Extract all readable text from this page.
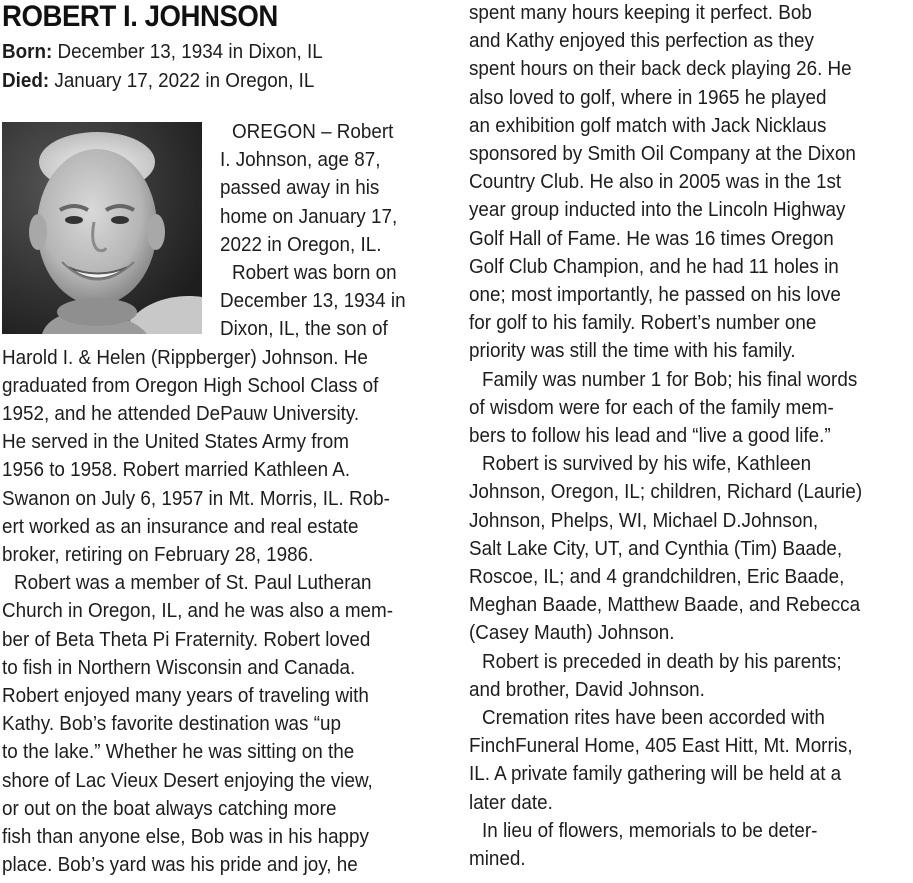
ROBERT I. JOHNSON
Born: December 13, 1934 in Dixon, IL
Died: January 17, 2022 in Oregon, IL
OREGON – Robert
I. Johnson, age 87,
passed away in his
home on January 17,
2022 in Oregon, IL.
Robert was born on
December 13, 1934 in
Dixon, IL, the son of
Harold I. & Helen (Rippberger) Johnson. He
graduated from Oregon High School Class of
1952, and he attended DePauw University.
He served in the United States Army from
1956 to 1958. Robert married Kathleen A.
Swanon on July 6, 1957 in Mt. Morris, IL. Rob-
ert worked as an insurance and real estate
broker, retiring on February 28, 1986.
Robert was a member of St. Paul Lutheran
Church in Oregon, IL, and he was also a mem-
ber of Beta Theta Pi Fraternity. Robert loved
to fish in Northern Wisconsin and Canada.
Robert enjoyed many years of traveling with
Kathy. Bob’s favorite destination was “up
to the lake.” Whether he was sitting on the
shore of Lac Vieux Desert enjoying the view,
or out on the boat always catching more
fish than anyone else, Bob was in his happy
place. Bob’s yard was his pride and joy, he
spent many hours keeping it perfect. Bob
and Kathy enjoyed this perfection as they
spent hours on their back deck playing 26. He
also loved to golf, where in 1965 he played
an exhibition golf match with Jack Nicklaus
sponsored by Smith Oil Company at the Dixon
Country Club. He also in 2005 was in the 1st
year group inducted into the Lincoln Highway
Golf Hall of Fame. He was 16 times Oregon
Golf Club Champion, and he had 11 holes in
one; most importantly, he passed on his love
for golf to his family. Robert’s number one
priority was still the time with his family.
Family was number 1 for Bob; his final words
of wisdom were for each of the family mem-
bers to follow his lead and “live a good life.”
Robert is survived by his wife, Kathleen
Johnson, Oregon, IL; children, Richard (Laurie)
Johnson, Phelps, WI, Michael D.Johnson,
Salt Lake City, UT, and Cynthia (Tim) Baade,
Roscoe, IL; and 4 grandchildren, Eric Baade,
Meghan Baade, Matthew Baade, and Rebecca
(Casey Mauth) Johnson.
Robert is preceded in death by his parents;
and brother, David Johnson.
Cremation rites have been accorded with
FinchFuneral Home, 405 East Hitt, Mt. Morris,
IL. A private family gathering will be held at a
later date.
In lieu of flowers, memorials to be deter-
mined.
